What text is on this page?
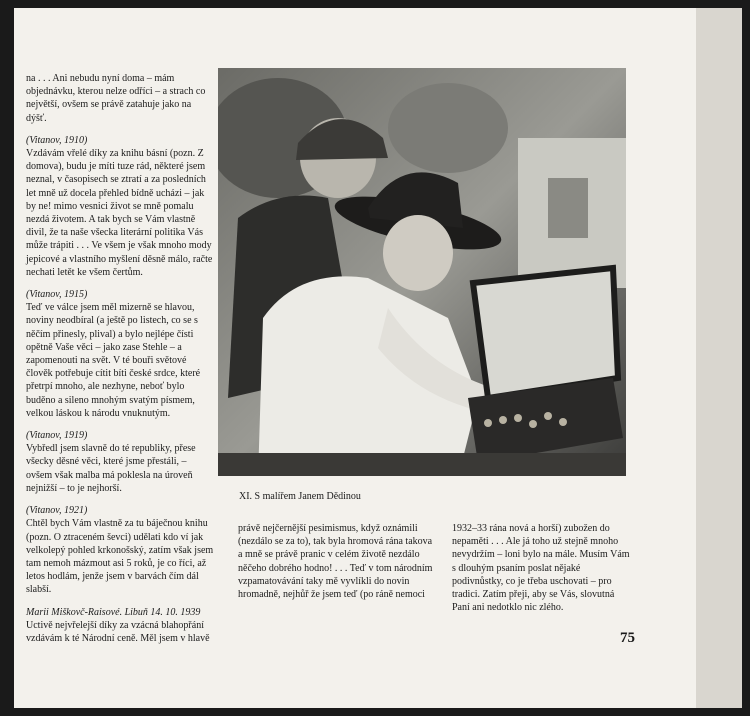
na . . . Ani nebudu nyní doma – mám objednávku, kterou nelze odříci – a strach co největší, ovšem se právě zatahuje jako na dýšť.

(Vitanov, 1910)

Vzdávám vřelé díky za knihu básní (pozn. Z domova), budu je míti tuze rád, některé jsem neznal, v časopisech se ztratí a za posledních let mně už docela přehled bídně ucházi – jak by ne! mimo vesnici život se mně pomalu nezdá životem. A tak bych se Vám vlastně divil, že ta naše všecka literární politika Vás může trápiti . . . Ve všem je však mnoho mody jepicové a vlastního myšlení děsně málo, račte nechati letět ke všem čertům.

(Vitanov, 1915)

Teď ve válce jsem měl mizerně se hlavou, noviny neodbíral (a ještě po listech, co se s něčím přinesly, plival) a bylo nejlépe čísti opětně Vaše věci – jako zase Stehle – a zapomenouti na svět. V té bouři světové člověk potřebuje cítit bíti české srdce, které přetrpí mnoho, ale nezhyne, neboť bylo buděno a sileno mnohým svatým písmem, velkou láskou k národu vnuknutým.

(Vitanov, 1919)

Vybředl jsem slavně do té republiky, přese všecky děsné věci, které jsme přestáli, – ovšem však malba má poklesla na úroveň nejnižší – to je nejhorší.

(Vitanov, 1921)

Chtěl bych Vám vlastně za tu báječnou knihu (pozn. O ztraceném ševci) udělati kdo ví jak velkolepý pohled krkonošský, zatím však jsem tam nemoh mázmout asi 5 roků, je co říci, až letos hodlám, jenže jsem v barvách čím dál slabší.

Marii Miškovč-Raisové. Libuň 14. 10. 1939

Uctivě nejvřelejší díky za vzácná blahopřání vzdávám k té Národní ceně. Měl jsem v hlavě

XI. S malířem Janem Dědinou

právě nejčernější pesimismus, když oznámili (nezdálo se za to), tak byla hromová rána takova a mně se právě pranic v celém životě nezdálo něčeho dobrého hodno! . . . Teď v tom národním vzpamatovávání taky mě vyvlíkli do novin hromadně, nejhůř že jsem teď (po ráně nemoci

1932–33 rána nová a horší) zubožen do nepaměti . . . Ale já toho už stejně mnoho nevydržím – loni bylo na mále. Musím Vám s dlouhým psaním poslat nějaké podivnůstky, co je třeba uschovati – pro tradici. Zatím přeji, aby se Vás, slovutná Paní ani nedotklo nic zlého.

75
